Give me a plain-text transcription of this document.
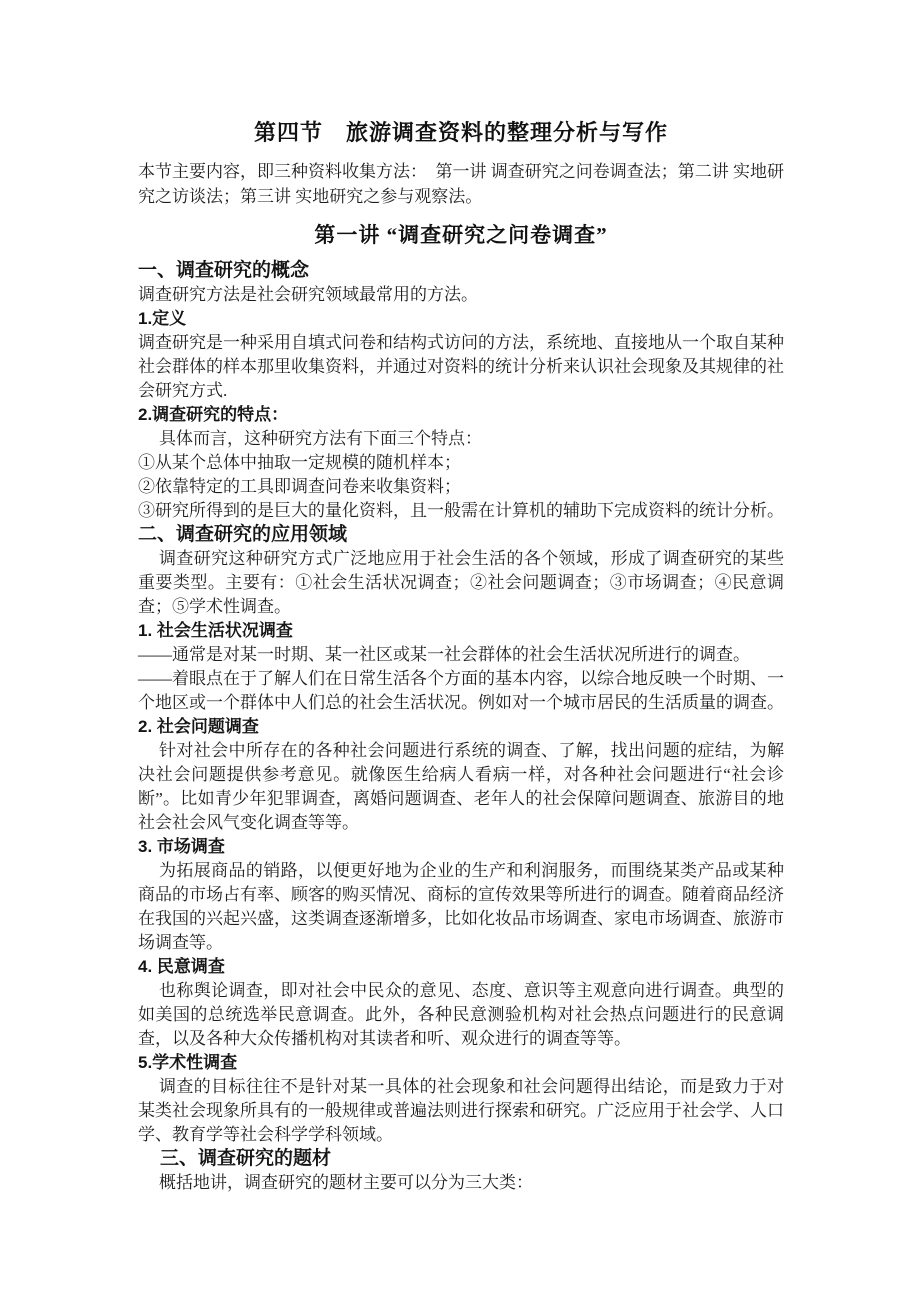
第四节　旅游调查资料的整理分析与写作

本节主要内容，即三种资料收集方法：　第一讲 调查研究之问卷调查法；第二讲 实地研究之访谈法；第三讲 实地研究之参与观察法。

第一讲 “调查研究之问卷调查”
一、调查研究的概念
调查研究方法是社会研究领域最常用的方法。
1.定义
调查研究是一种采用自填式问卷和结构式访问的方法，系统地、直接地从一个取自某种社会群体的样本那里收集资料，并通过对资料的统计分析来认识社会现象及其规律的社会研究方式.
2.调查研究的特点：
具体而言，这种研究方法有下面三个特点：
①从某个总体中抽取一定规模的随机样本；
②依靠特定的工具即调查问卷来收集资料；
③研究所得到的是巨大的量化资料，且一般需在计算机的辅助下完成资料的统计分析。
二、调查研究的应用领域
调查研究这种研究方式广泛地应用于社会生活的各个领域，形成了调查研究的某些重要类型。主要有：①社会生活状况调查；②社会问题调查；③市场调查；④民意调查；⑤学术性调查。
1. 社会生活状况调查
——通常是对某一时期、某一社区或某一社会群体的社会生活状况所进行的调查。
——着眼点在于了解人们在日常生活各个方面的基本内容，以综合地反映一个时期、一个地区或一个群体中人们总的社会生活状况。例如对一个城市居民的生活质量的调查。
2. 社会问题调查
针对社会中所存在的各种社会问题进行系统的调查、了解，找出问题的症结，为解决社会问题提供参考意见。就像医生给病人看病一样，对各种社会问题进行“社会诊断”。比如青少年犯罪调查，离婚问题调查、老年人的社会保障问题调查、旅游目的地社会社会风气变化调查等等。
3. 市场调查
为拓展商品的销路，以便更好地为企业的生产和利润服务，而围绕某类产品或某种商品的市场占有率、顾客的购买情况、商标的宣传效果等所进行的调查。随着商品经济在我国的兴起兴盛，这类调查逐渐增多，比如化妆品市场调查、家电市场调查、旅游市场调查等。
4. 民意调查
也称舆论调查，即对社会中民众的意见、态度、意识等主观意向进行调查。典型的如美国的总统选举民意调查。此外，各种民意测验机构对社会热点问题进行的民意调查，以及各种大众传播机构对其读者和听、观众进行的调查等等。
5.学术性调查
调查的目标往往不是针对某一具体的社会现象和社会问题得出结论，而是致力于对某类社会现象所具有的一般规律或普遍法则进行探索和研究。广泛应用于社会学、人口学、教育学等社会科学学科领域。
三、调查研究的题材
概括地讲，调查研究的题材主要可以分为三大类：
